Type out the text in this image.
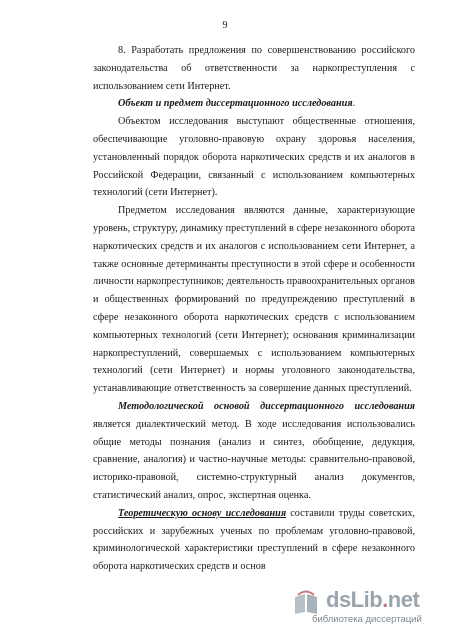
9

8. Разработать предложения по совершенствованию российского законодательства об ответственности за наркопреступления с использованием сети Интернет.

Объект и предмет диссертационного исследования.

Объектом исследования выступают общественные отношения, обеспечивающие уголовно-правовую охрану здоровья населения, установленный порядок оборота наркотических средств и их аналогов в Российской Федерации, связанный с использованием компьютерных технологий (сети Интернет).

Предметом исследования являются данные, характеризующие уровень, структуру, динамику преступлений в сфере незаконного оборота наркотических средств и их аналогов с использованием сети Интернет, а также основные детерминанты преступности в этой сфере и особенности личности наркопреступников; деятельность правоохранительных органов и общественных формирований по предупреждению преступлений в сфере незаконного оборота наркотических средств с использованием компьютерных технологий (сети Интернет); основания криминализации наркопреступлений, совершаемых с использованием компьютерных технологий (сети Интернет) и нормы уголовного законодательства, устанавливающие ответственность за совершение данных преступлений.

Методологической основой диссертационного исследования является диалектический метод. В ходе исследования использовались общие методы познания (анализ и синтез, обобщение, дедукция, сравнение, аналогия) и частно-научные методы: сравнительно-правовой, историко-правовой, системно-структурный анализ документов, статистический анализ, опрос, экспертная оценка.

Теоретическую основу исследования составили труды советских, российских и зарубежных ученых по проблемам уголовно-правовой, криминологической характеристики преступлений в сфере незаконного оборота наркотических средств и основ

dsLib.net
библиотека диссертаций
